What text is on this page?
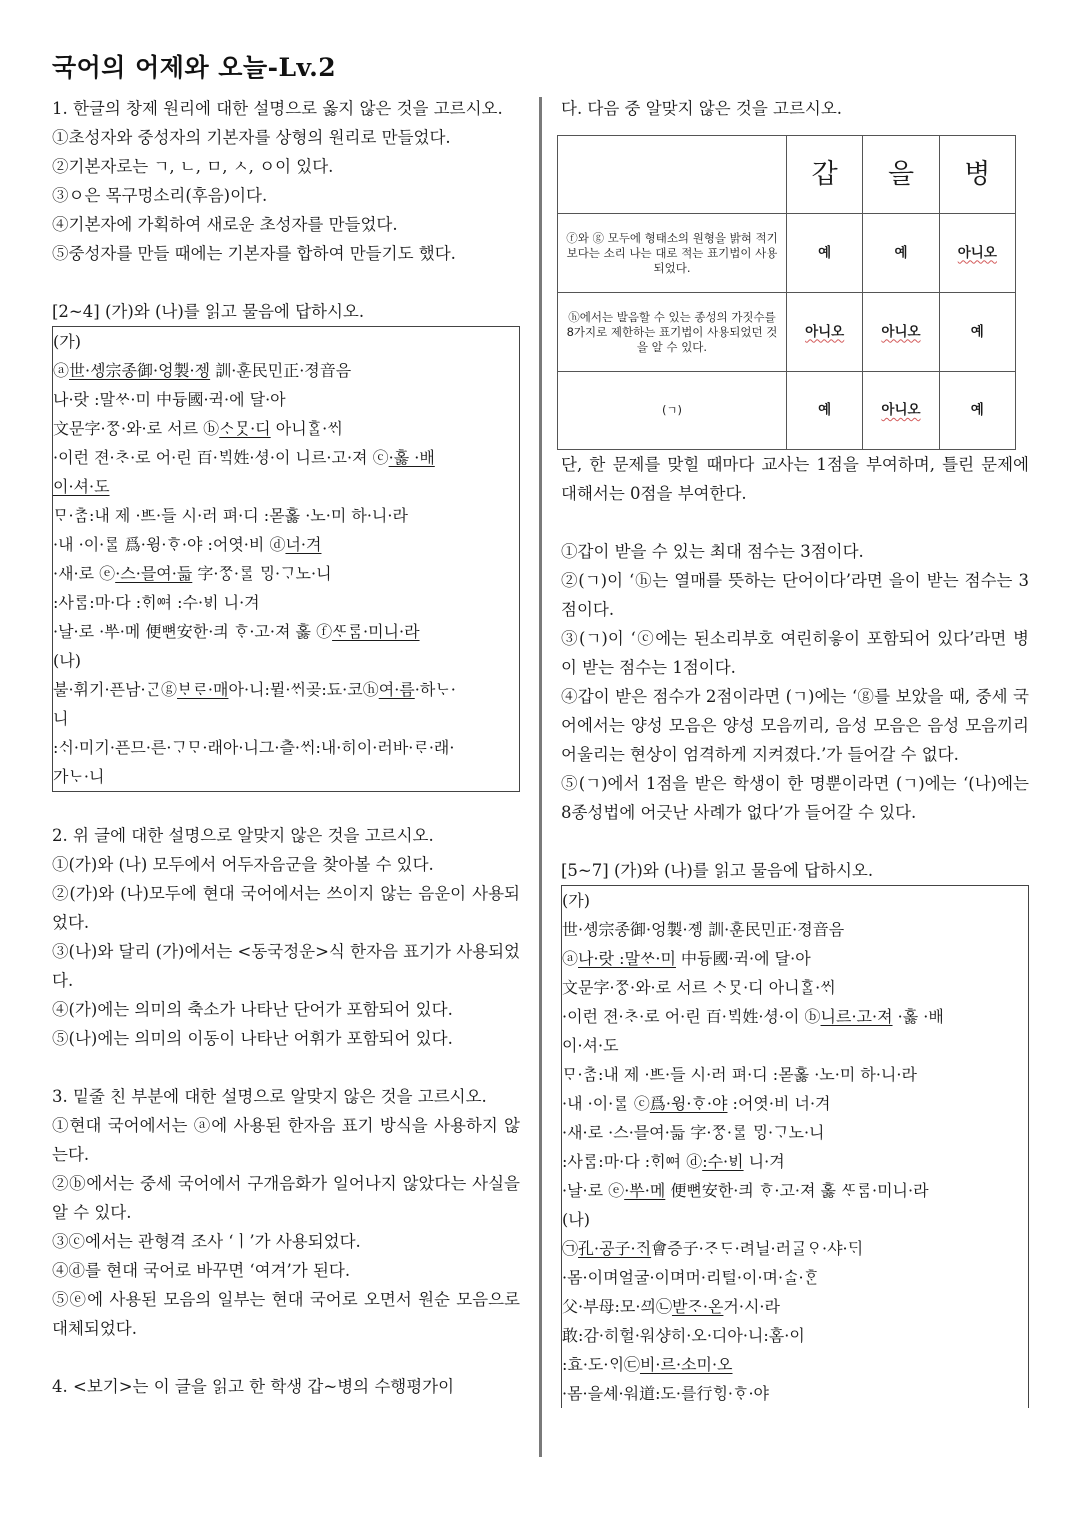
국어의 어제와 오늘-Lv.2
1. 한글의 창제 원리에 대한 설명으로 옳지 않은 것을 고르시오.
①초성자와 중성자의 기본자를 상형의 원리로 만들었다.
②기본자로는 ㄱ, ㄴ, ㅁ, ㅅ, ㅇ이 있다.
③ㅇ은 목구멍소리(후음)이다.
④기본자에 가획하여 새로운 초성자를 만들었다.
⑤중성자를 만들 때에는 기본자를 합하여 만들기도 했다.
[2~4] (가)와 (나)를 읽고 물음에 답하시오.
(가)
ⓐ世·솅宗종御·엉製·젱 訓·훈民민正·졍音음
나·랏 :말ᄊᆞ·미 中듕國·귁·에 달·아
文문字·ᄍᆞᆼ·와·로 서르 ⓑᄉᆞᄆᆞᆺ·디 아니ᄒᆞᆯ·ᄊᆡ
·이런 젼·ᄎᆞ·로 어·린 百·ᄇᆡᆨ姓·셩·이 니르·고·져 ⓒ·홇 ·배
이·셔·도
ᄆᆞ·ᄎᆞᆷ:내 제 ·ᄠᅳ·들 시·러 펴·디 :몯홇 ·노·미 하·니·라
·내 ·이·ᄅᆞᆯ 爲·윙·ᄒᆞ·야 :어엿·비 ⓓ너·겨
·새·로 ⓔ·스·믈여·듧 字·ᄍᆞᆼ·ᄅᆞᆯ ᄆᆡᆼ·ᄀᆞ노·니
:사ᄅᆞᆷ:마·다 :ᄒᆡᅇᅧ :수·ᄫᅵ 니·겨
·날·로 ·ᄡᅮ·메 便뼌安한·킈 ᄒᆞ·고·져 홇 ⓕᄯᆞᄅᆞᆷ·미니·라
(나)
불·휘기·픈남·ᄀᆞᆫⓖᄇᆞᄅᆞ·매아·니:뮐·ᄊᆡ곶:됴·코ⓗ여·름·하ᄂᆞ·
니
:ᄉᆡ·미기·픈므·른·ᄀᆞᄆᆞ·래아·니그·츨·ᄊᆡ:내·히이·러바·ᄅᆞ·래·
가ᄂᆞ·니
2. 위 글에 대한 설명으로 알맞지 않은 것을 고르시오.
①(가)와 (나) 모두에서 어두자음군을 찾아볼 수 있다.
②(가)와 (나)모두에 현대 국어에서는 쓰이지 않는 음운이 사용되었다.
③(나)와 달리 (가)에서는 <동국정운>식 한자음 표기가 사용되었다.
④(가)에는 의미의 축소가 나타난 단어가 포함되어 있다.
⑤(나)에는 의미의 이동이 나타난 어휘가 포함되어 있다.
3. 밑줄 친 부분에 대한 설명으로 알맞지 않은 것을 고르시오.
①현대 국어에서는 ⓐ에 사용된 한자음 표기 방식을 사용하지 않는다.
②ⓑ에서는 중세 국어에서 구개음화가 일어나지 않았다는 사실을 알 수 있다.
③ⓒ에서는 관형격 조사 ‘ㅣ’가 사용되었다.
④ⓓ를 현대 국어로 바꾸면 ‘여겨’가 된다.
⑤ⓔ에 사용된 모음의 일부는 현대 국어로 오면서 원순 모음으로 대체되었다.
4. <보기>는 이 글을 읽고 한 학생 갑~병의 수행평가이
다. 다음 중 알맞지 않은 것을 고르시오.
	갑	을	병
ⓕ와 ⓖ 모두에 형태소의 원형을 밝혀 적기보다는 소리 나는 대로 적는 표기법이 사용되었다.	예	예	아니오
ⓗ에서는 발음할 수 있는 종성의 가짓수를 8가지로 제한하는 표기법이 사용되었던 것을 알 수 있다.	아니오	아니오	예
(ㄱ)	예	아니오	예
단, 한 문제를 맞힐 때마다 교사는 1점을 부여하며, 틀린 문제에 대해서는 0점을 부여한다.
①갑이 받을 수 있는 최대 점수는 3점이다.
②(ㄱ)이 ‘ⓗ는 열매를 뜻하는 단어이다’라면 을이 받는 점수는 3점이다.
③(ㄱ)이 ‘ⓒ에는 된소리부호 여린히읗이 포함되어 있다’라면 병이 받는 점수는 1점이다.
④갑이 받은 점수가 2점이라면 (ㄱ)에는 ‘ⓖ를 보았을 때, 중세 국어에서는 양성 모음은 양성 모음끼리, 음성 모음은 음성 모음끼리 어울리는 현상이 엄격하게 지켜졌다.’가 들어갈 수 없다.
⑤(ㄱ)에서 1점을 받은 학생이 한 명뿐이라면 (ㄱ)에는 ‘(나)에는 8종성법에 어긋난 사례가 없다’가 들어갈 수 있다.
[5~7] (가)와 (나)를 읽고 물음에 답하시오.
(가)
世·솅宗종御·엉製·졩 訓·훈民민正·졍音음
ⓐ나·랏 :말ᄊᆞ·미 中듕國·귁·에 달·아
文문字·ᄍᆞᆼ·와·로 서르 ᄉᆞᄆᆞᆺ·디 아니ᄒᆞᆯ·ᄊᆡ
·이런 젼·ᄎᆞ·로 어·린 百·ᄇᆡᆨ姓·셩·이 ⓑ니르·고·져 ·홇 ·배
이·셔·도
ᄆᆞ·ᄎᆞᆷ:내 제 ·ᄠᅳ·들 시·러 펴·디 :몯홇 ·노·미 하·니·라
·내 ·이·ᄅᆞᆯ ⓒ爲·윙·ᄒᆞ·야 :어엿·비 너·겨
·새·로 ·스·믈여·듧 字·ᄍᆞᆼ·ᄅᆞᆯ ᄆᆡᆼ·ᄀᆞ노·니
:사ᄅᆞᆷ:마·다 :ᄒᆡᅇᅧ ⓓ:수·ᄫᅵ 니·겨
·날·로 ⓔ·ᄡᅮ·메 便뼌安한·킈 ᄒᆞ·고·져 홇 ᄯᆞᄅᆞᆷ·미니·라
(나)
㉠孔·공子·ᄌᆡ會증子·ᄌᆞᄃᆞ·려닐·러ᄀᆞᆯᄋᆞ·샤·ᄃᆡ
·몸·이며얼굴·이며머·리털·이·며·ᄉᆞᆯ·ᄒᆞᆫ
父·부母:모·ᄭᅴ㉡받ᄌᆞ·온거·시·라
敢:감·히헐·워샹히·오·디아·니:홈·이
:효·도·ᄋᆡ㉢비·르·소미·오
·몸·을셰·워道:도·를行ᄒᆡᆼ·ᄒᆞ·야
